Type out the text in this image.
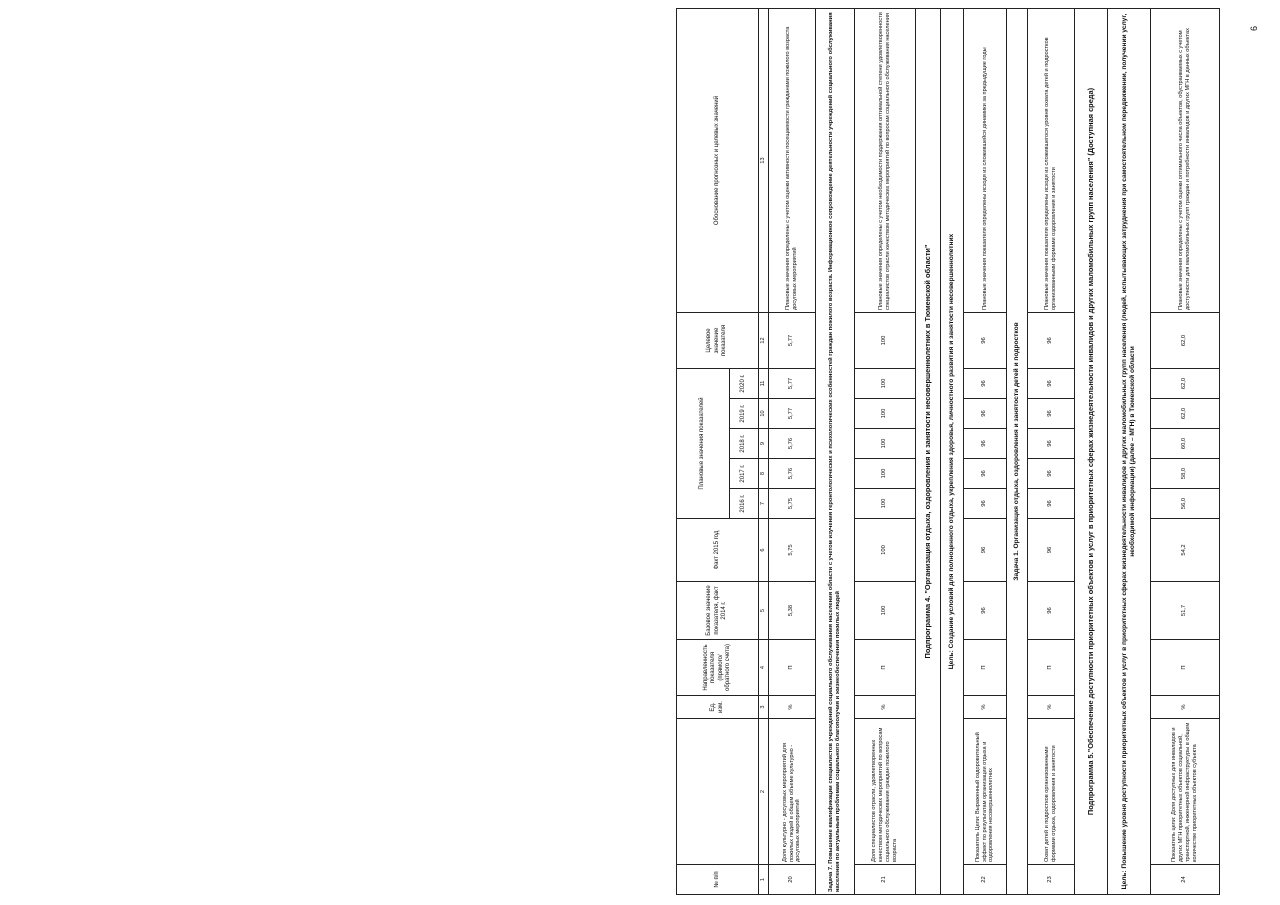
6
№ п/п		Ед. изм.	Направленность показателя (прямого/обратного счета)	Базовое значение показателя, факт 2014 г.	Факт 2015 год	Плановые значения показателей					Целевое значение показателя	Обоснование прогнозных и целевых значений
						2016 г.	2017 г.	2018 г.	2019 г.	2020 г.		
1	2	3	4	5	6	7	8	9	10	11	12	13
20	Доля культурно - досуговых мероприятий для пожилых людей в общем объеме культурно - досуговых мероприятий	%	П	5,38	5,75	5,75	5,76	5,76	5,77	5,77	5,77	Плановые значения определены с учетом оценки активности посещаемости гражданами пожилого возраста досуговых мероприятий
Задача 7. Повышение квалификации специалистов учреждений социального обслуживания населения области с учетом изучения геронтологических и психологических особенностей граждан пожилого возраста. Информационное сопровождение деятельности учреждений социального обслуживания населения по актуальным проблемам социального благополучия и жизнеобеспечения пожилых людей												
21	Доля специалистов отрасли, удовлетворенных качеством методических мероприятий по вопросам социального обслуживания граждан пожилого возраста	%	П	100	100	100	100	100	100	100	100	Плановые значения определены с учетом необходимости поддержания оптимальной степени удовлетворенности специалистов отрасли качеством методических мероприятий по вопросам социального обслуживания населения
Подпрограмма 4. "Организация отдыха, оздоровления и занятости несовершеннолетних в Тюменской области"												
Цель: Создание условий для полноценного отдыха, укрепления здоровья, личностного развития и занятости несовершеннолетних												
22	Показатель Цели: Выраженный оздоровительный эффект по результатам организации отдыха и оздоровления несовершеннолетних	%	П	96	96	96	96	96	96	96	96	Плановые значения показателя определены исходя из сложившейся динамики за предыдущие годы
Задача 1. Организация отдыха, оздоровления и занятости детей и подростков												
23	Охват детей и подростков организованными формами отдыха, оздоровления и занятости	%	П	96	96	96	96	96	96	96	96	Плановые значения показателя определены исходя из сложившегося уровня охвата детей и подростков организованными формами оздоровления и занятости
Подпрограмма 5."Обеспечение доступности приоритетных объектов и услуг в приоритетных сферах жизнедеятельности инвалидов и других маломобильных групп населения" (Доступная среда)												
Цель: Повышение уровня доступности приоритетных объектов и услуг в приоритетных сферах жизнедеятельности инвалидов и других маломобильных групп населения (людей, испытывающих затруднения при самостоятельном передвижении, получении услуг, необходимой информации) (далее – МГН) в Тюменской области												
24	Показатель цели: Доля доступных для инвалидов и других МГН приоритетных объектов социальной, транспортной, инженерной инфраструктуры в общем количестве приоритетных объектов субъекта	%	П	51,7	54,2	56,0	58,0	60,0	62,0	62,0	62,0	Плановые значения определены с учетом оценки оптимального числа объектов, обустраиваемых с учетом доступности для маломобильных групп граждан и потребности инвалидов и других МГН в данных объектах
